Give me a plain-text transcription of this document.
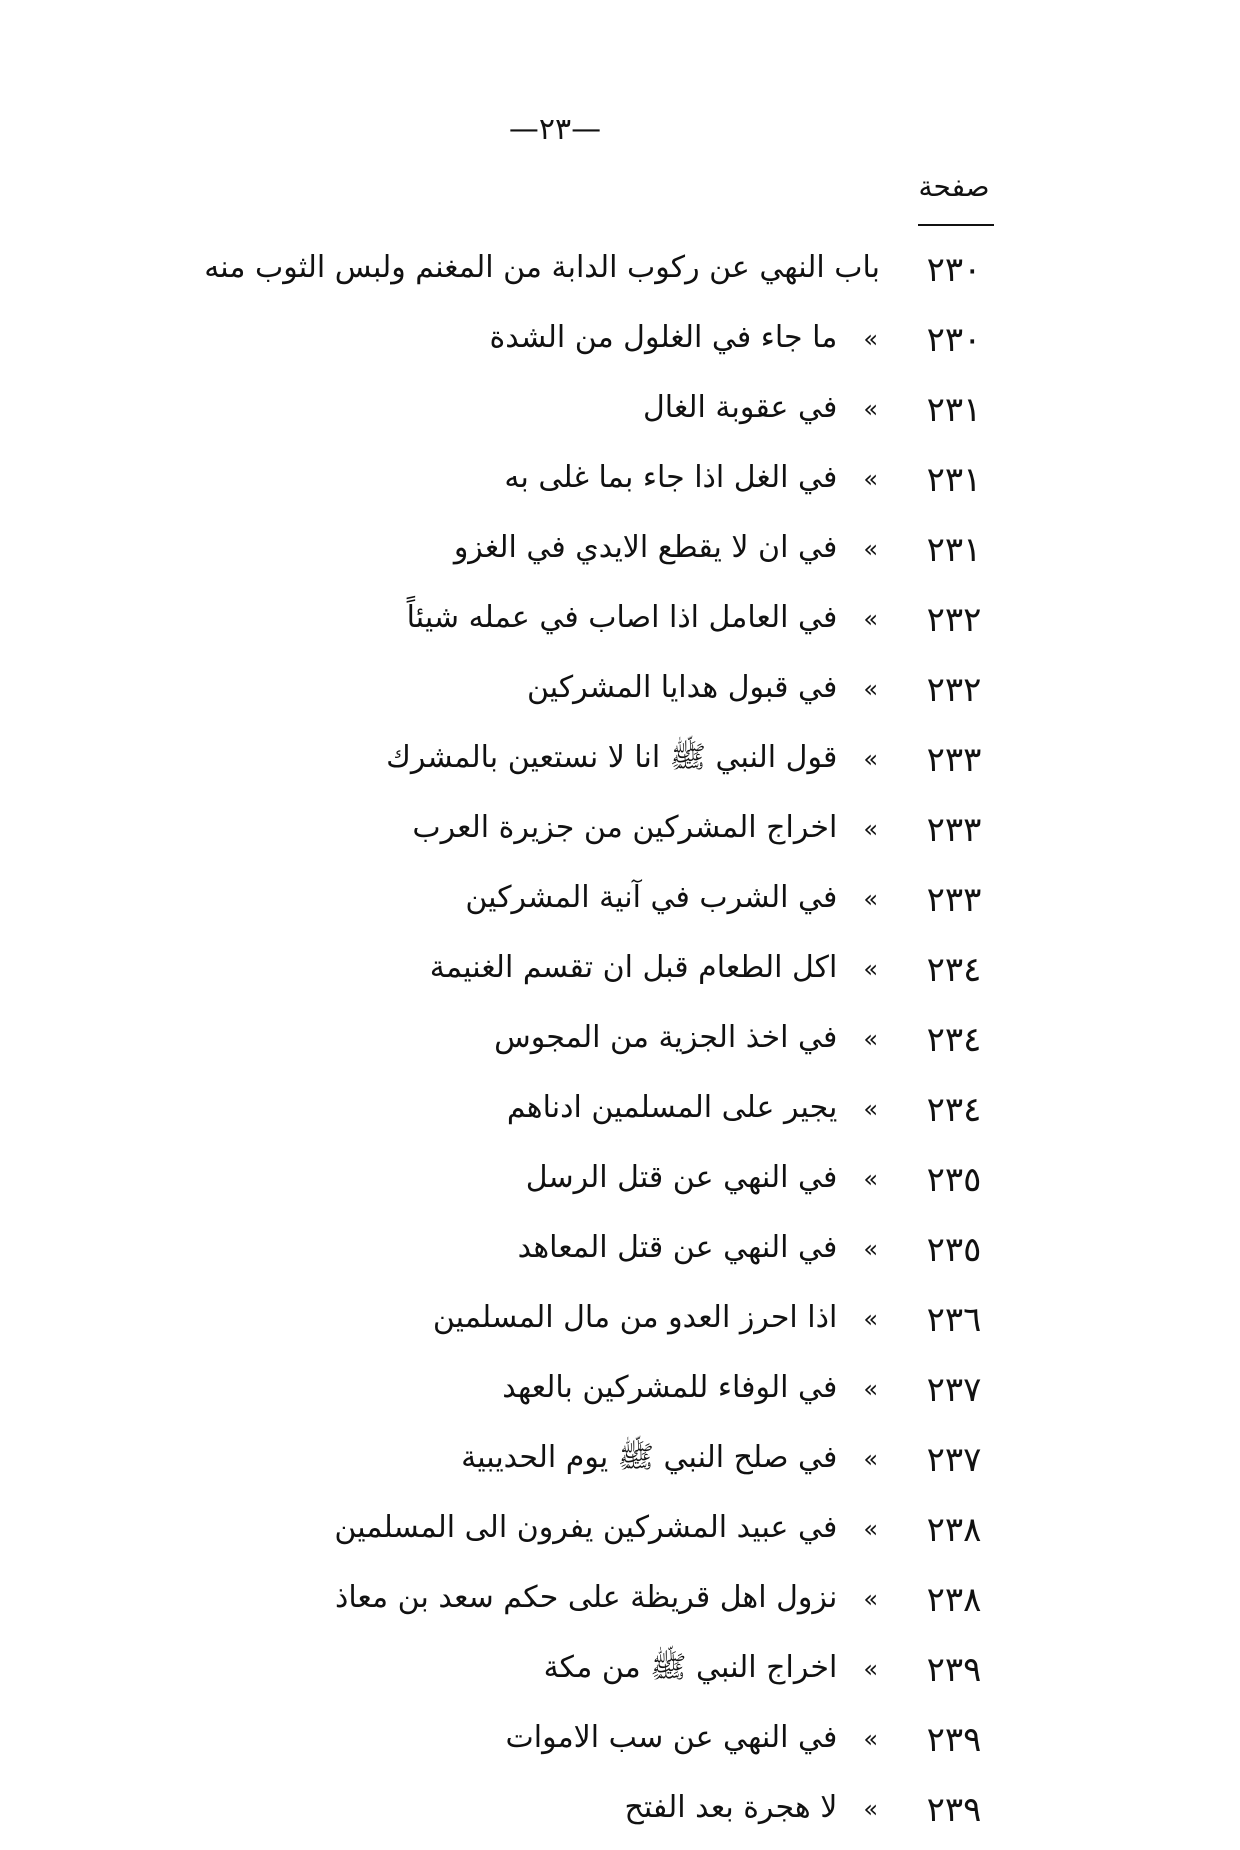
—٢٣—
صفحة
٢٣٠
باب النهي عن ركوب الدابة من المغنم ولبس الثوب منه
٢٣٠
»ما جاء في الغلول من الشدة
٢٣١
»في عقوبة الغال
٢٣١
»في الغل اذا جاء بما غلى به
٢٣١
»في ان لا يقطع الايدي في الغزو
٢٣٢
»في العامل اذا اصاب في عمله شيئاً
٢٣٢
»في قبول هدايا المشركين
٢٣٣
»قول النبي ﷺ انا لا نستعين بالمشرك
٢٣٣
»اخراج المشركين من جزيرة العرب
٢٣٣
»في الشرب في آنية المشركين
٢٣٤
»اكل الطعام قبل ان تقسم الغنيمة
٢٣٤
»في اخذ الجزية من المجوس
٢٣٤
»يجير على المسلمين ادناهم
٢٣٥
»في النهي عن قتل الرسل
٢٣٥
»في النهي عن قتل المعاهد
٢٣٦
»اذا احرز العدو من مال المسلمين
٢٣٧
»في الوفاء للمشركين بالعهد
٢٣٧
»في صلح النبي ﷺ يوم الحديبية
٢٣٨
»في عبيد المشركين يفرون الى المسلمين
٢٣٨
»نزول اهل قريظة على حكم سعد بن معاذ
٢٣٩
»اخراج النبي ﷺ من مكة
٢٣٩
»في النهي عن سب الاموات
٢٣٩
»لا هجرة بعد الفتح
